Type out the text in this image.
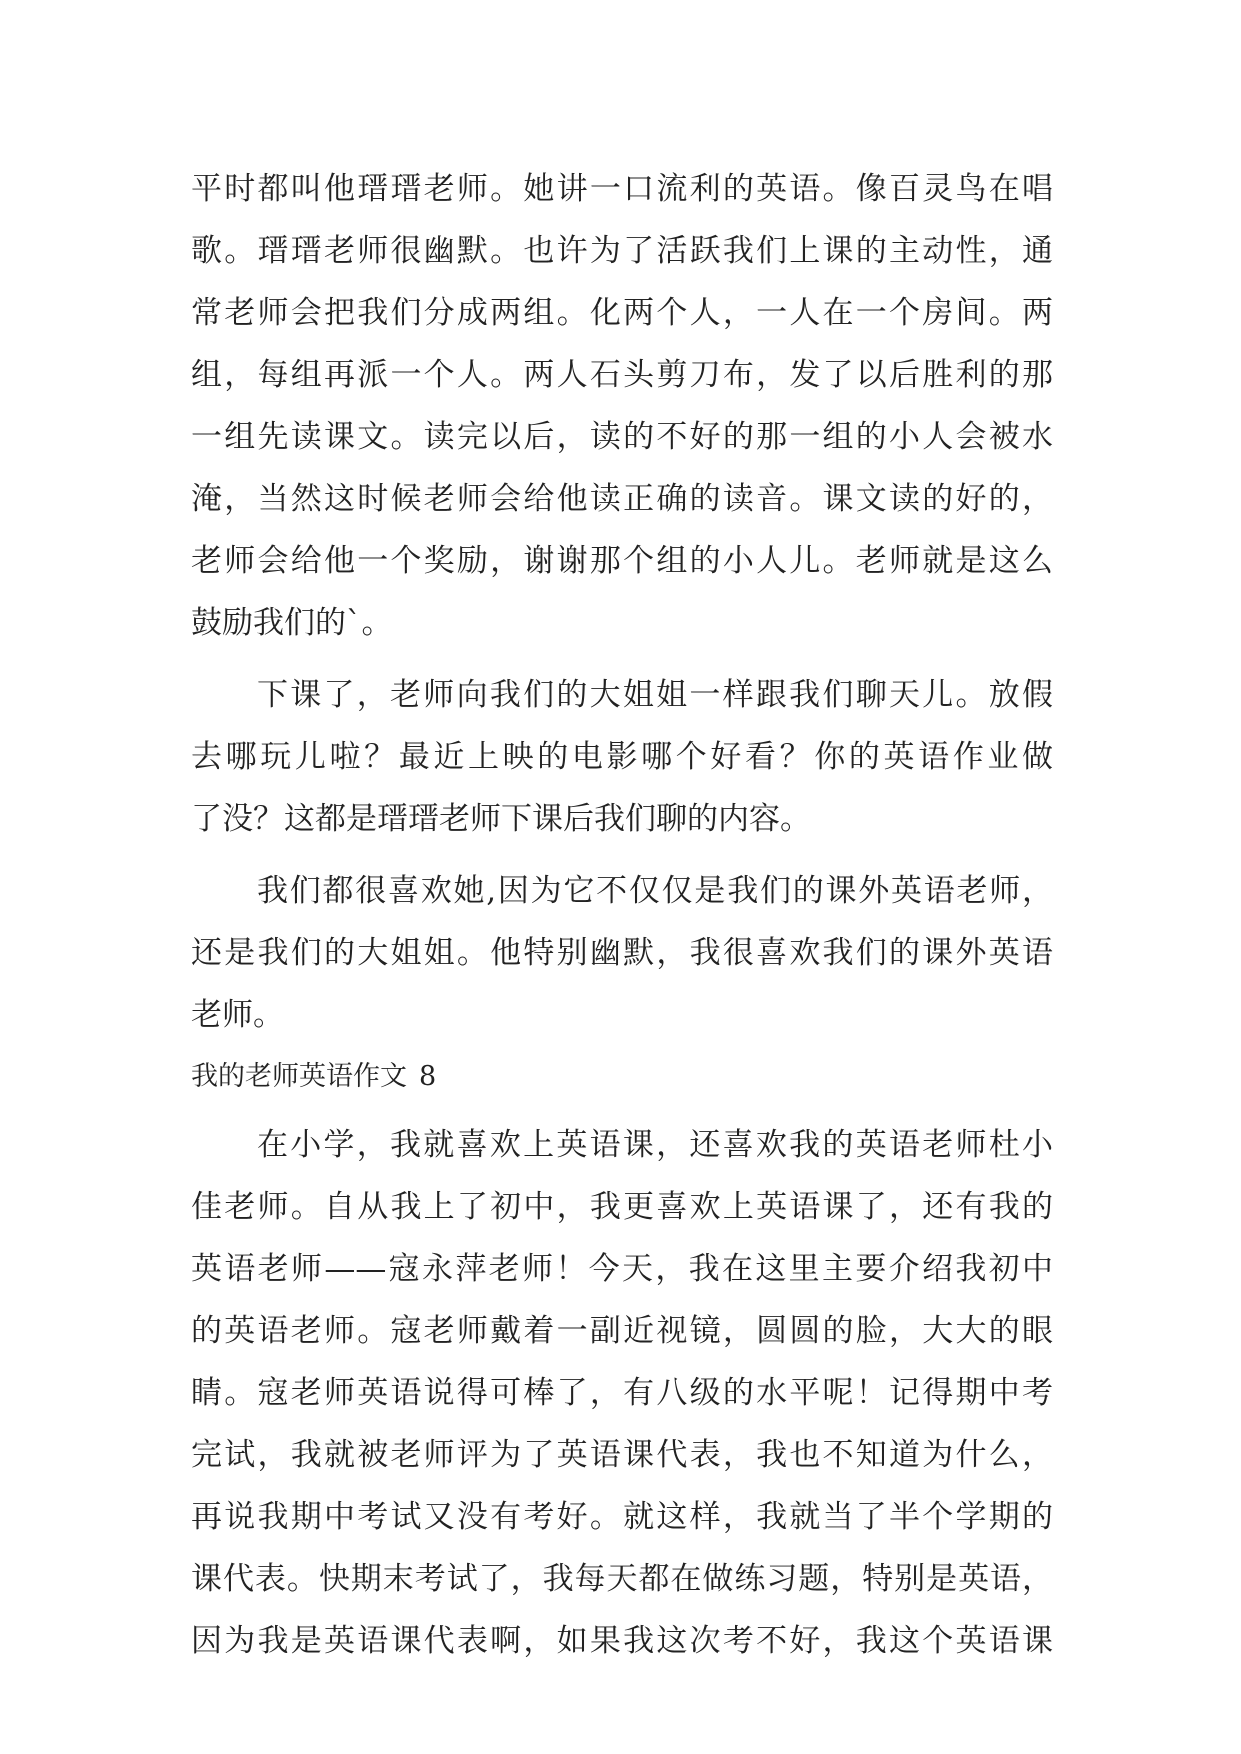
平时都叫他瑨瑨老师。她讲一口流利的英语。像百灵鸟在唱
歌。瑨瑨老师很幽默。也许为了活跃我们上课的主动性，通
常老师会把我们分成两组。化两个人，一人在一个房间。两
组，每组再派一个人。两人石头剪刀布，发了以后胜利的那
一组先读课文。读完以后，读的不好的那一组的小人会被水
淹，当然这时候老师会给他读正确的读音。课文读的好的，
老师会给他一个奖励，谢谢那个组的小人儿。老师就是这么
鼓励我们的`。
下课了，老师向我们的大姐姐一样跟我们聊天儿。放假
去哪玩儿啦？最近上映的电影哪个好看？你的英语作业做
了没？这都是瑨瑨老师下课后我们聊的内容。
我们都很喜欢她,因为它不仅仅是我们的课外英语老师，
还是我们的大姐姐。他特别幽默，我很喜欢我们的课外英语
老师。
我的老师英语作文 8
在小学，我就喜欢上英语课，还喜欢我的英语老师杜小
佳老师。自从我上了初中，我更喜欢上英语课了，还有我的
英语老师——寇永萍老师！今天，我在这里主要介绍我初中
的英语老师。寇老师戴着一副近视镜，圆圆的脸，大大的眼
睛。寇老师英语说得可棒了，有八级的水平呢！记得期中考
完试，我就被老师评为了英语课代表，我也不知道为什么，
再说我期中考试又没有考好。就这样，我就当了半个学期的
课代表。快期末考试了，我每天都在做练习题，特别是英语，
因为我是英语课代表啊，如果我这次考不好，我这个英语课
